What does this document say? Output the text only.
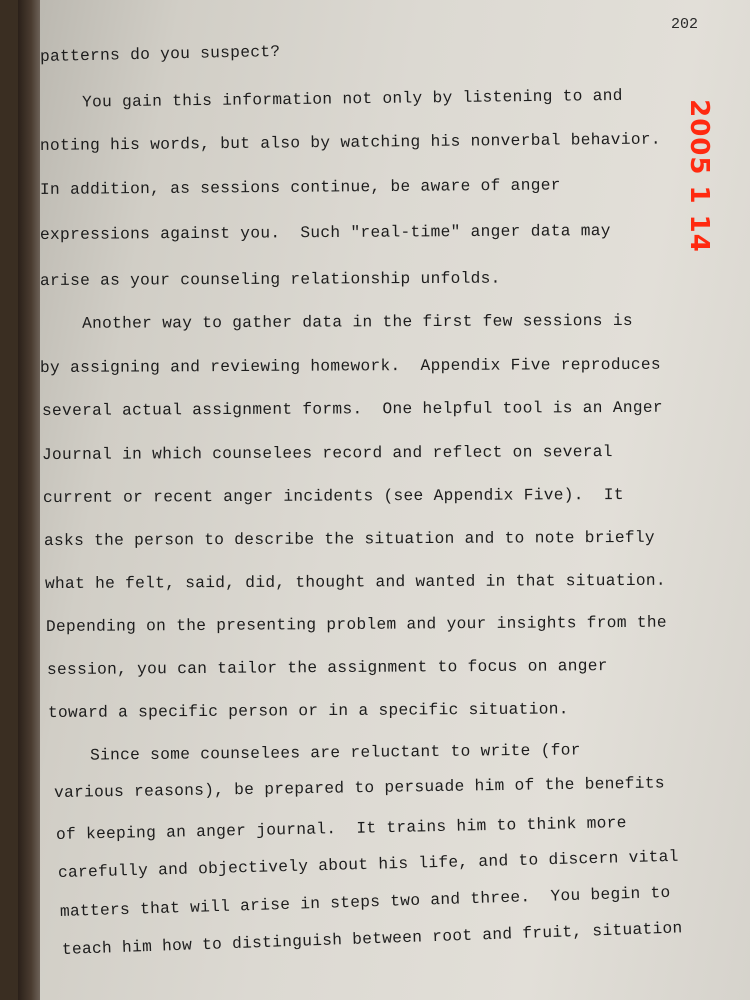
202
patterns do you suspect?
You gain this information not only by listening to and
noting his words, but also by watching his nonverbal behavior.
In addition, as sessions continue, be aware of anger
expressions against you.  Such "real-time" anger data may
arise as your counseling relationship unfolds.
Another way to gather data in the first few sessions is
by assigning and reviewing homework.  Appendix Five reproduces
several actual assignment forms.  One helpful tool is an Anger
Journal in which counselees record and reflect on several
current or recent anger incidents (see Appendix Five).  It
asks the person to describe the situation and to note briefly
what he felt, said, did, thought and wanted in that situation.
Depending on the presenting problem and your insights from the
session, you can tailor the assignment to focus on anger
toward a specific person or in a specific situation.
Since some counselees are reluctant to write (for
various reasons), be prepared to persuade him of the benefits
of keeping an anger journal.  It trains him to think more
carefully and objectively about his life, and to discern vital
matters that will arise in steps two and three.  You begin to
teach him how to distinguish between root and fruit, situation
2005 1 14
